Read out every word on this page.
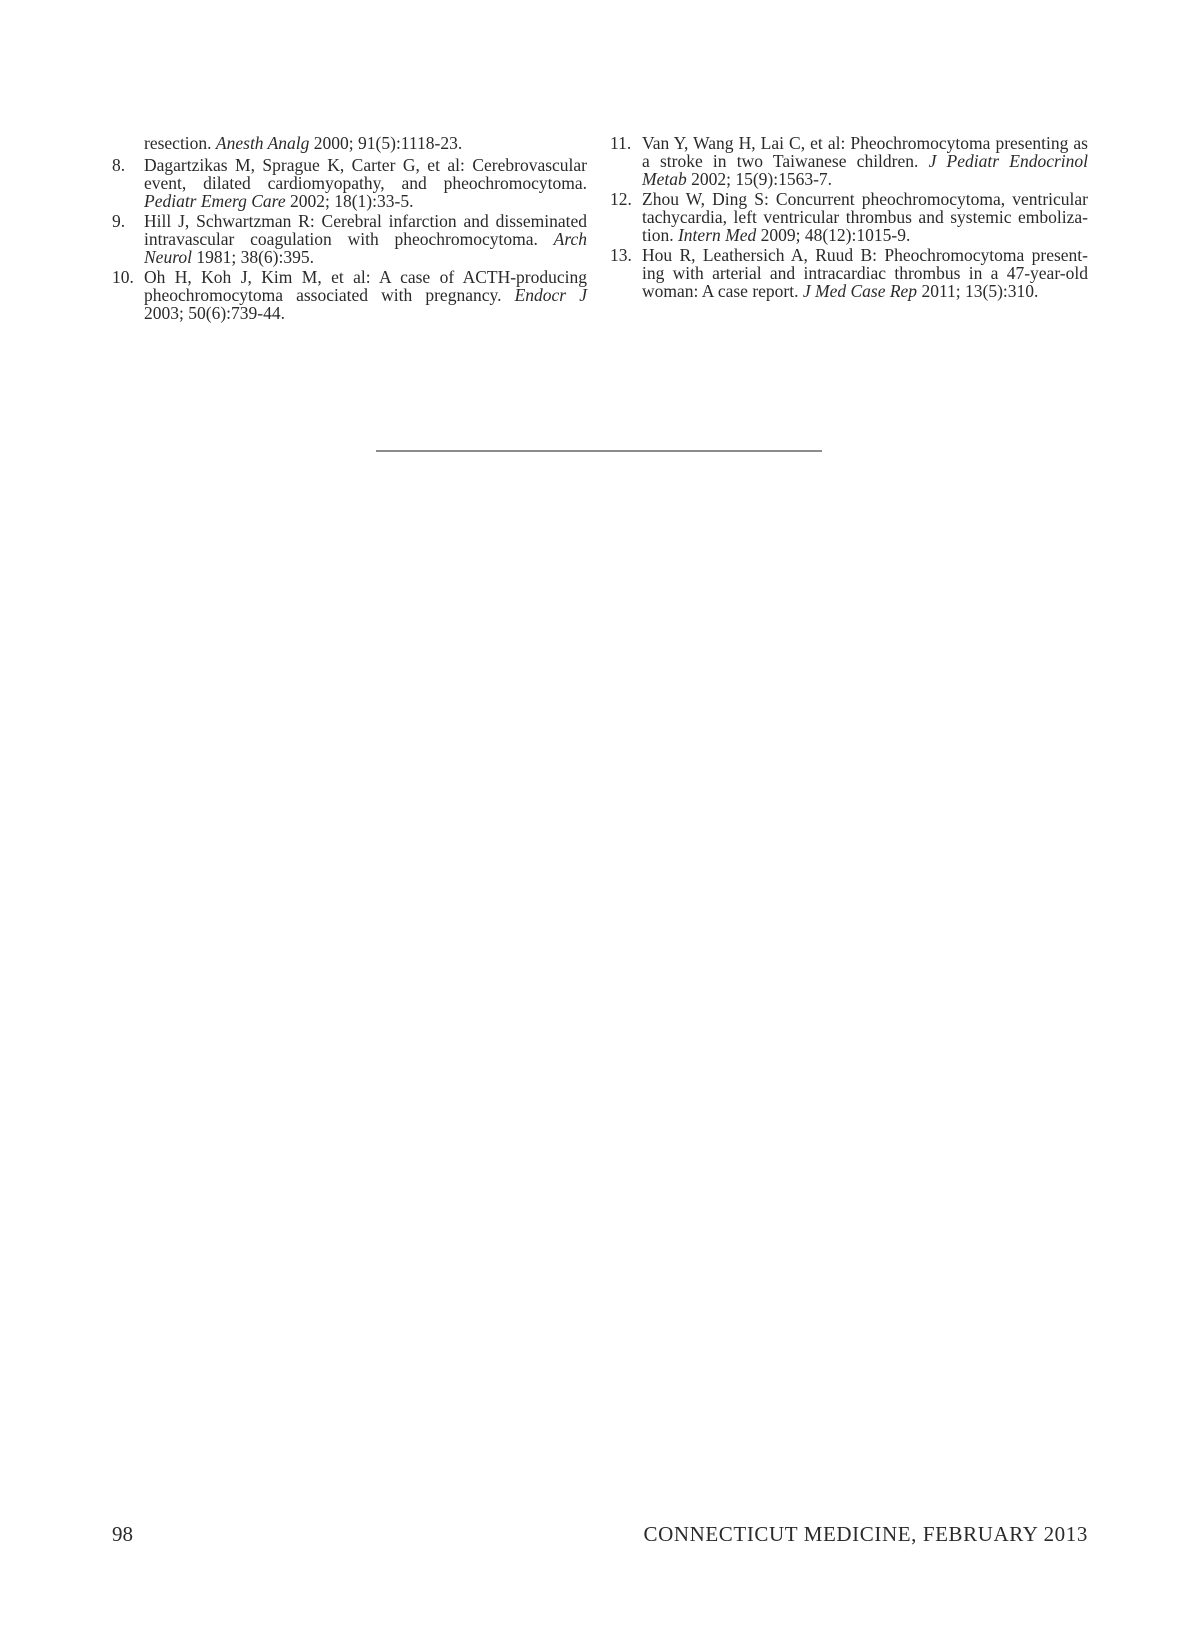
resection. Anesth Analg 2000; 91(5):1118-23.
8.	Dagartzikas M, Sprague K, Carter G, et al: Cerebrovascular event, dilated cardiomyopathy, and pheochromocytoma. Pediatr Emerg Care 2002; 18(1):33-5.
9.	Hill J, Schwartzman R: Cerebral infarction and disseminated intravascular coagulation with pheochromocytoma. Arch Neurol 1981; 38(6):395.
10. Oh H, Koh J, Kim M, et al: A case of ACTH-producing pheochromocytoma associated with pregnancy. Endocr J 2003; 50(6):739-44.
11. Van Y, Wang H, Lai C, et al: Pheochromocytoma presenting as a stroke in two Taiwanese children. J Pediatr Endocrinol Metab 2002; 15(9):1563-7.
12. Zhou W, Ding S: Concurrent pheochromocytoma, ventricular tachycardia, left ventricular thrombus and systemic emboliza-tion. Intern Med 2009; 48(12):1015-9.
13. Hou R, Leathersich A, Ruud B: Pheochromocytoma present-ing with arterial and intracardiac thrombus in a 47-year-old woman: A case report. J Med Case Rep 2011; 13(5):310.
98	CONNECTICUT MEDICINE, FEBRUARY 2013
